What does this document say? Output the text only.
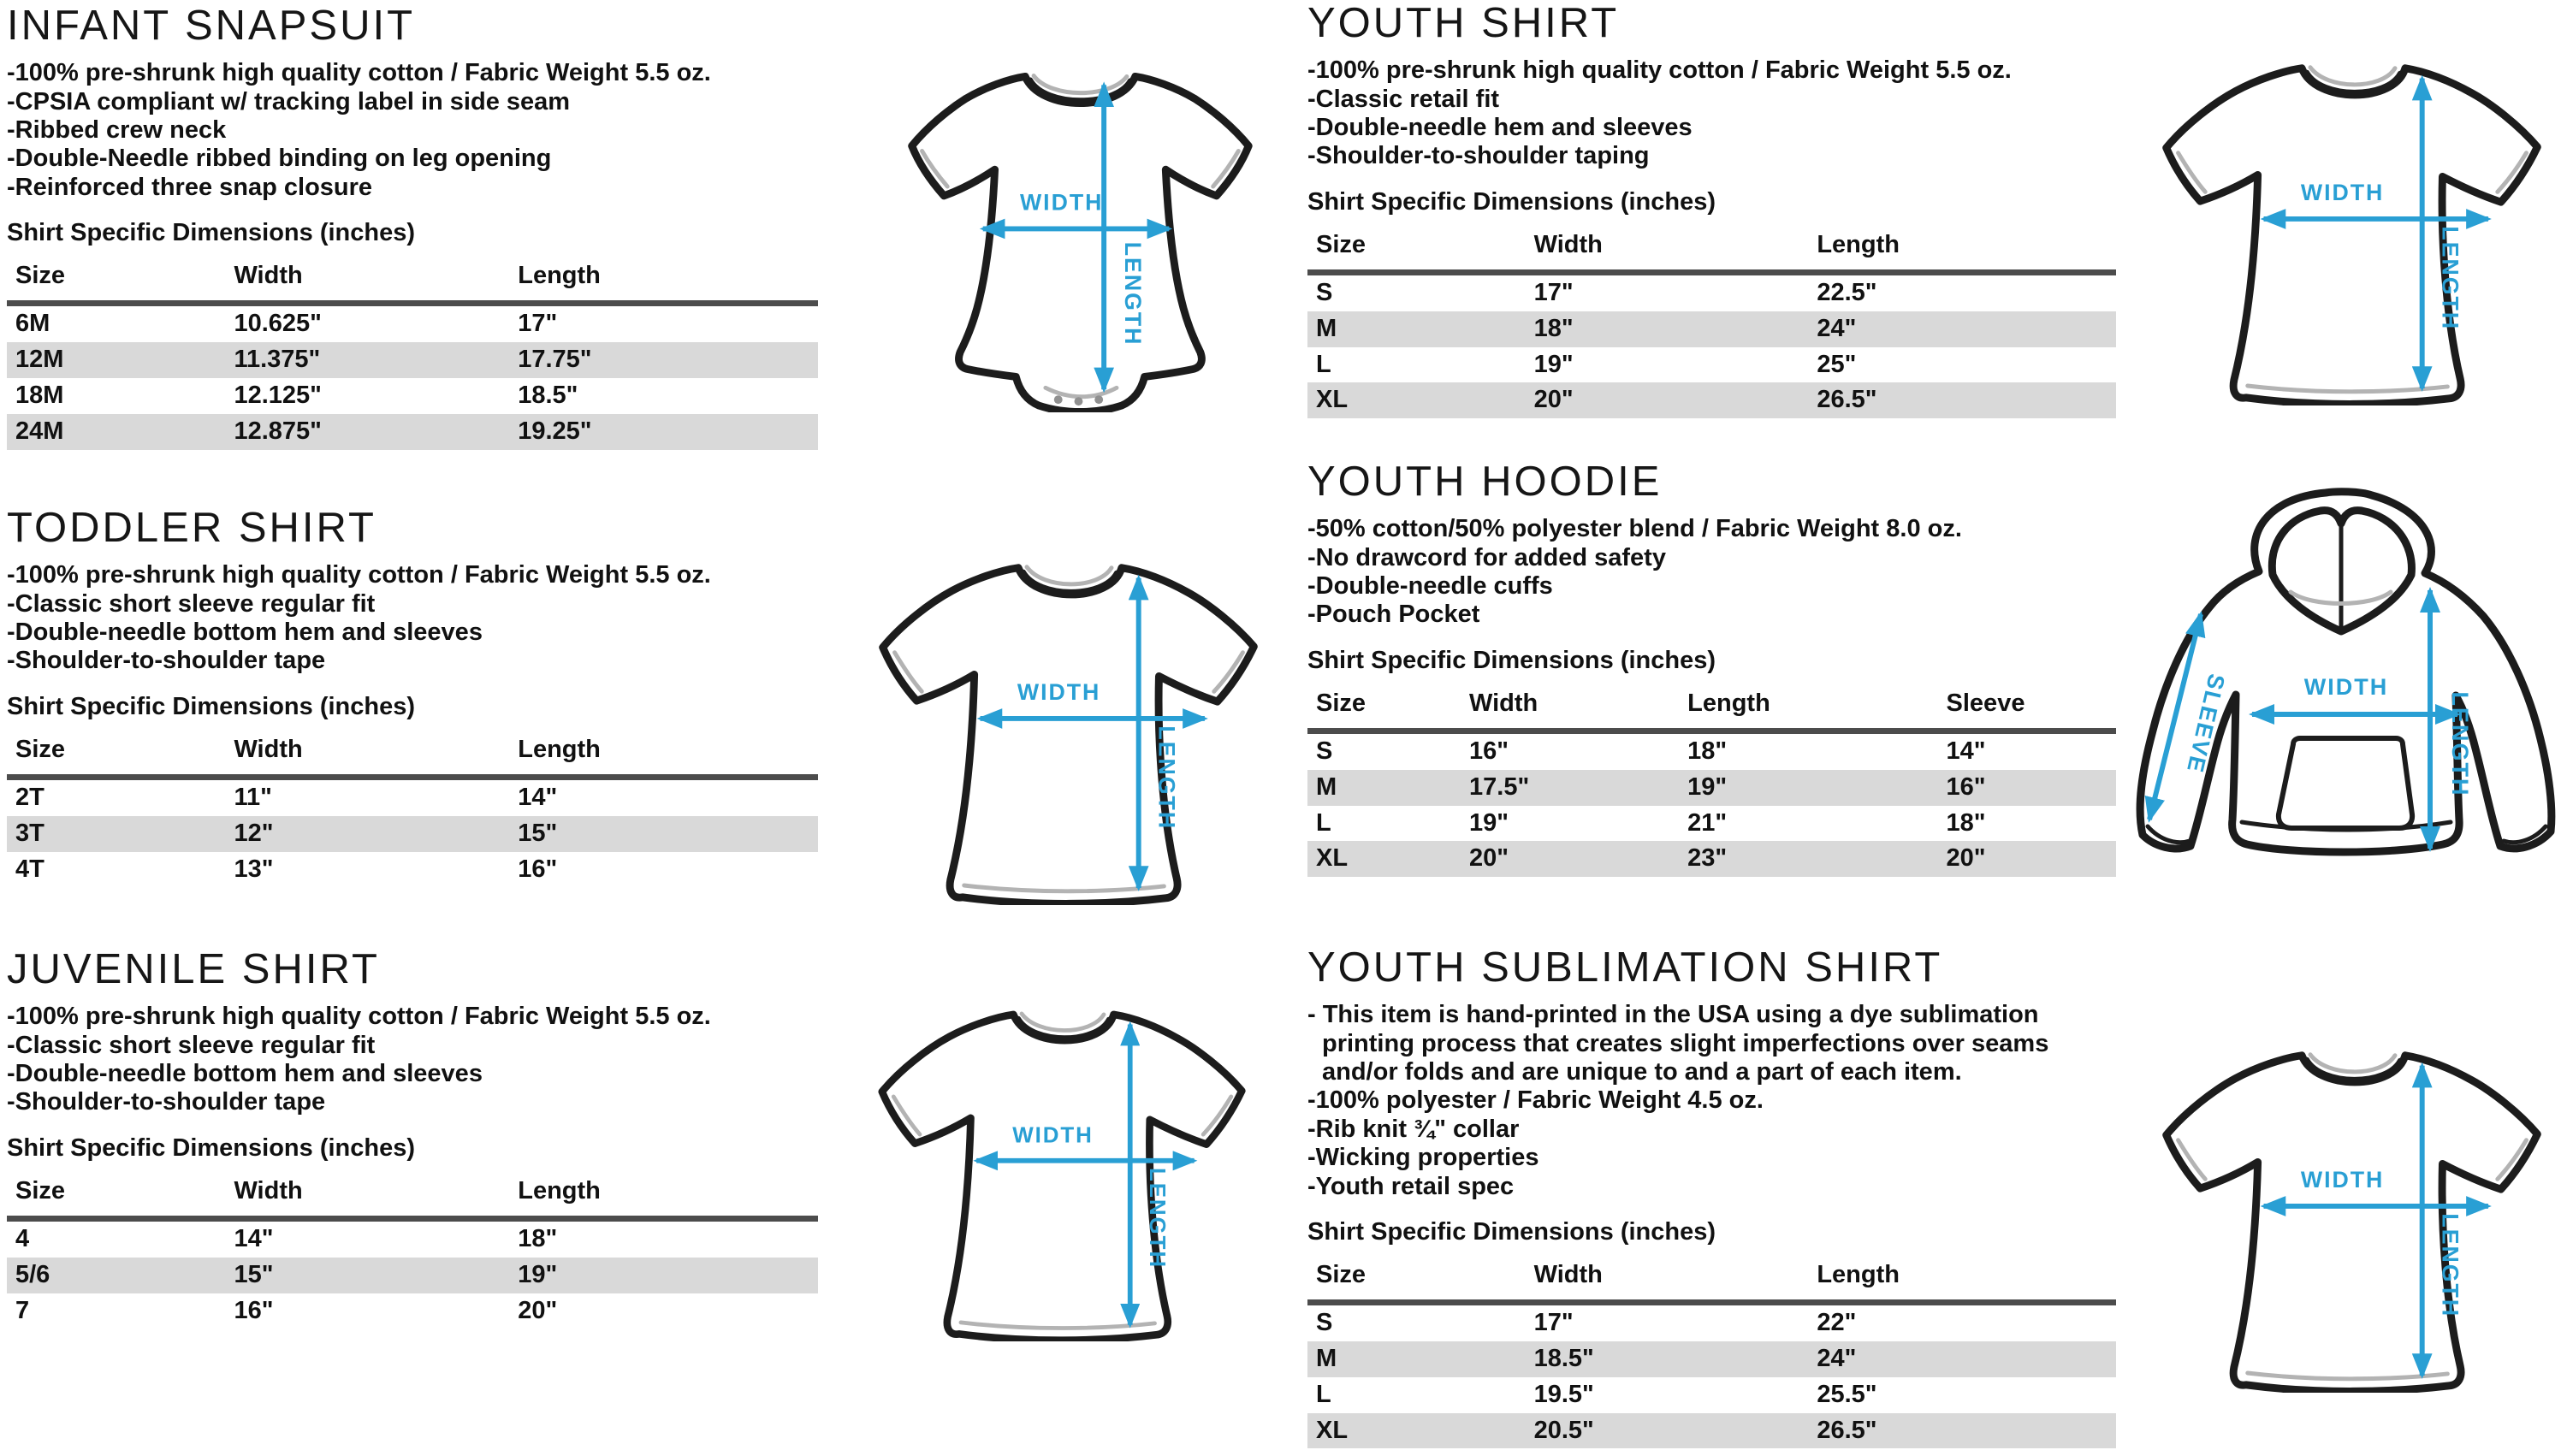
INFANT SNAPSUIT
-100% pre-shrunk high quality cotton / Fabric Weight 5.5 oz.
-CPSIA compliant w/ tracking label in side seam
-Ribbed crew neck
-Double-Needle ribbed binding on leg opening
-Reinforced three snap closure
Shirt Specific Dimensions (inches)
Size	Width	Length
6M	10.625"	17"
12M	11.375"	17.75"
18M	12.125"	18.5"
24M	12.875"	19.25"
TODDLER SHIRT
-100% pre-shrunk high quality cotton / Fabric Weight 5.5 oz.
-Classic short sleeve regular fit
-Double-needle bottom hem and sleeves
-Shoulder-to-shoulder tape
Shirt Specific Dimensions (inches)
Size	Width	Length
2T	11"	14"
3T	12"	15"
4T	13"	16"
JUVENILE SHIRT
-100% pre-shrunk high quality cotton / Fabric Weight 5.5 oz.
-Classic short sleeve regular fit
-Double-needle bottom hem and sleeves
-Shoulder-to-shoulder tape
Shirt Specific Dimensions (inches)
Size	Width	Length
4	14"	18"
5/6	15"	19"
7	16"	20"
YOUTH SHIRT
-100% pre-shrunk high quality cotton / Fabric Weight 5.5 oz.
-Classic retail fit
-Double-needle hem and sleeves
-Shoulder-to-shoulder taping
Shirt Specific Dimensions (inches)
Size	Width	Length
S	17"	22.5"
M	18"	24"
L	19"	25"
XL	20"	26.5"
YOUTH HOODIE
-50% cotton/50% polyester blend / Fabric Weight 8.0 oz.
-No drawcord for added safety
-Double-needle cuffs
-Pouch Pocket
Shirt Specific Dimensions (inches)
Size	Width	Length	Sleeve
S	16"	18"	14"
M	17.5"	19"	16"
L	19"	21"	18"
XL	20"	23"	20"
YOUTH SUBLIMATION SHIRT
- This item is hand-printed in the USA using a dye sublimation printing process that creates slight imperfections over seams and/or folds and are unique to and a part of each item.
-100% polyester / Fabric Weight 4.5 oz.
-Rib knit ¾" collar
-Wicking properties
-Youth retail spec
Shirt Specific Dimensions (inches)
Size	Width	Length
S	17"	22"
M	18.5"	24"
L	19.5"	25.5"
XL	20.5"	26.5"
WIDTH
LENGTH
WIDTH
LENGTH
WIDTH
LENGTH
WIDTH
LENGTH
SLEEVE	WIDTH
LENGTH
WIDTH
LENGTH
